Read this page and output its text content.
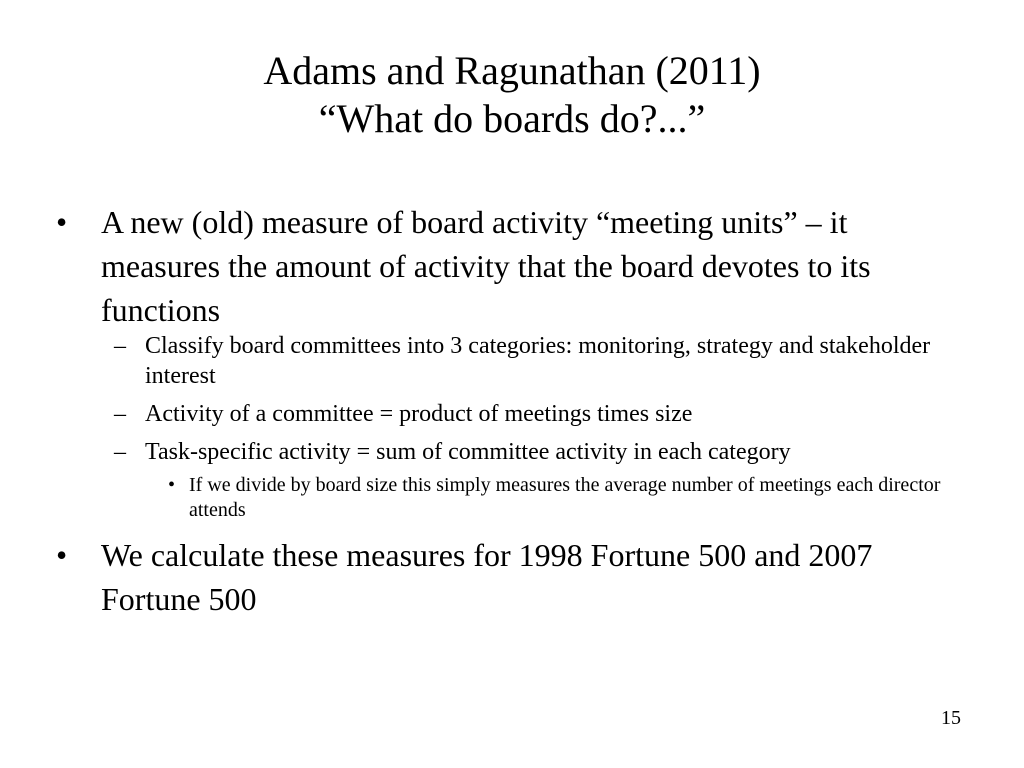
Adams and Ragunathan (2011)
“What do boards do?...”

• A new (old) measure of board activity “meeting units” – it measures the amount of activity that the board devotes to its functions

– Classify board committees into 3 categories: monitoring, strategy and stakeholder interest

– Activity of a committee = product of meetings times size

– Task-specific activity = sum of committee activity in each category

• If we divide by board size this simply measures the average number of meetings each director attends

• We calculate these measures for 1998 Fortune 500 and 2007 Fortune 500

15
